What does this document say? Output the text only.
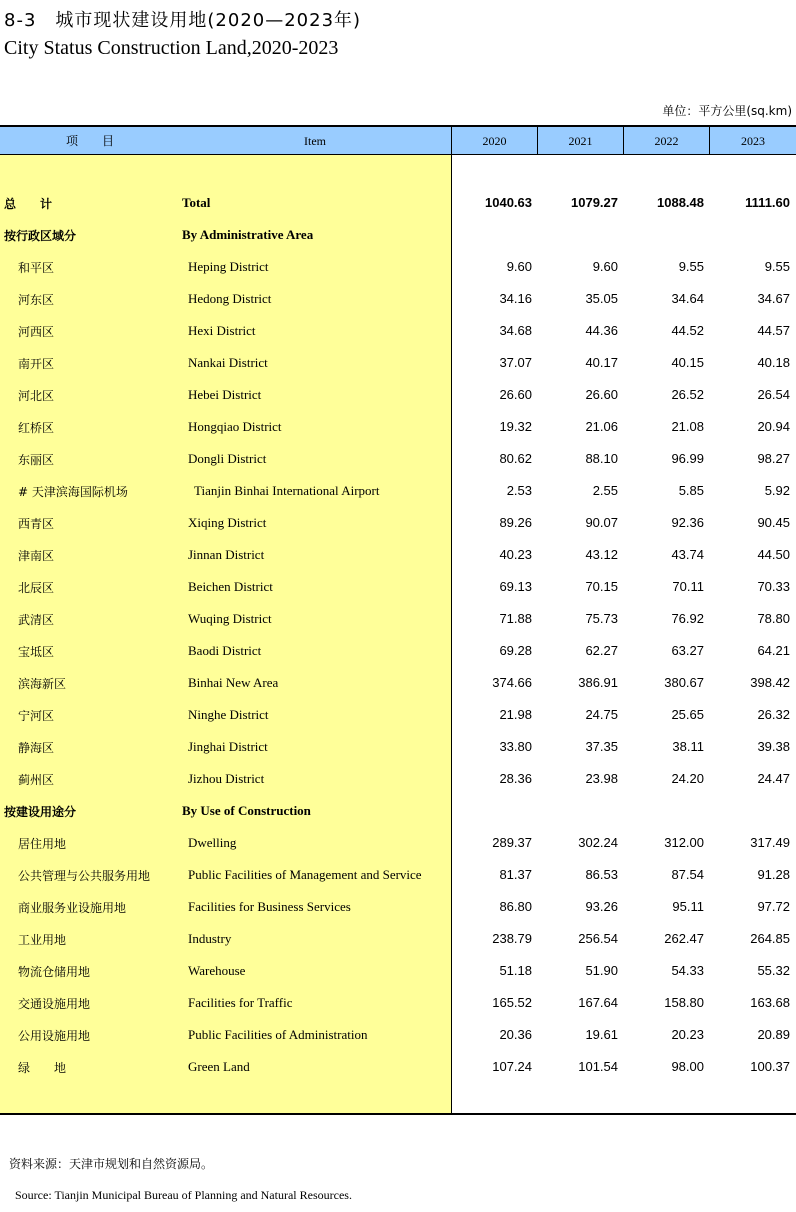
8-3　城市现状建设用地(2020—2023年)
City Status Construction Land,2020-2023
单位：平方公里(sq.km)
项　　目	Item	2020	2021	2022	2023
总　　计	Total	1040.63	1079.27	1088.48	1111.60
按行政区域分	By Administrative Area
和平区	Heping District	9.60	9.60	9.55	9.55
河东区	Hedong District	34.16	35.05	34.64	34.67
河西区	Hexi District	34.68	44.36	44.52	44.57
南开区	Nankai District	37.07	40.17	40.15	40.18
河北区	Hebei District	26.60	26.60	26.52	26.54
红桥区	Hongqiao District	19.32	21.06	21.08	20.94
东丽区	Dongli District	80.62	88.10	96.99	98.27
# 天津滨海国际机场	Tianjin Binhai International Airport	2.53	2.55	5.85	5.92
西青区	Xiqing District	89.26	90.07	92.36	90.45
津南区	Jinnan District	40.23	43.12	43.74	44.50
北辰区	Beichen District	69.13	70.15	70.11	70.33
武清区	Wuqing District	71.88	75.73	76.92	78.80
宝坻区	Baodi District	69.28	62.27	63.27	64.21
滨海新区	Binhai New Area	374.66	386.91	380.67	398.42
宁河区	Ninghe District	21.98	24.75	25.65	26.32
静海区	Jinghai District	33.80	37.35	38.11	39.38
蓟州区	Jizhou District	28.36	23.98	24.20	24.47
按建设用途分	By Use of Construction
居住用地	Dwelling	289.37	302.24	312.00	317.49
公共管理与公共服务用地	Public Facilities of Management and Service	81.37	86.53	87.54	91.28
商业服务业设施用地	Facilities for Business Services	86.80	93.26	95.11	97.72
工业用地	Industry	238.79	256.54	262.47	264.85
物流仓储用地	Warehouse	51.18	51.90	54.33	55.32
交通设施用地	Facilities for Traffic	165.52	167.64	158.80	163.68
公用设施用地	Public Facilities of Administration	20.36	19.61	20.23	20.89
绿　　地	Green Land	107.24	101.54	98.00	100.37
资料来源：天津市规划和自然资源局。
Source: Tianjin Municipal Bureau of Planning and Natural Resources.
